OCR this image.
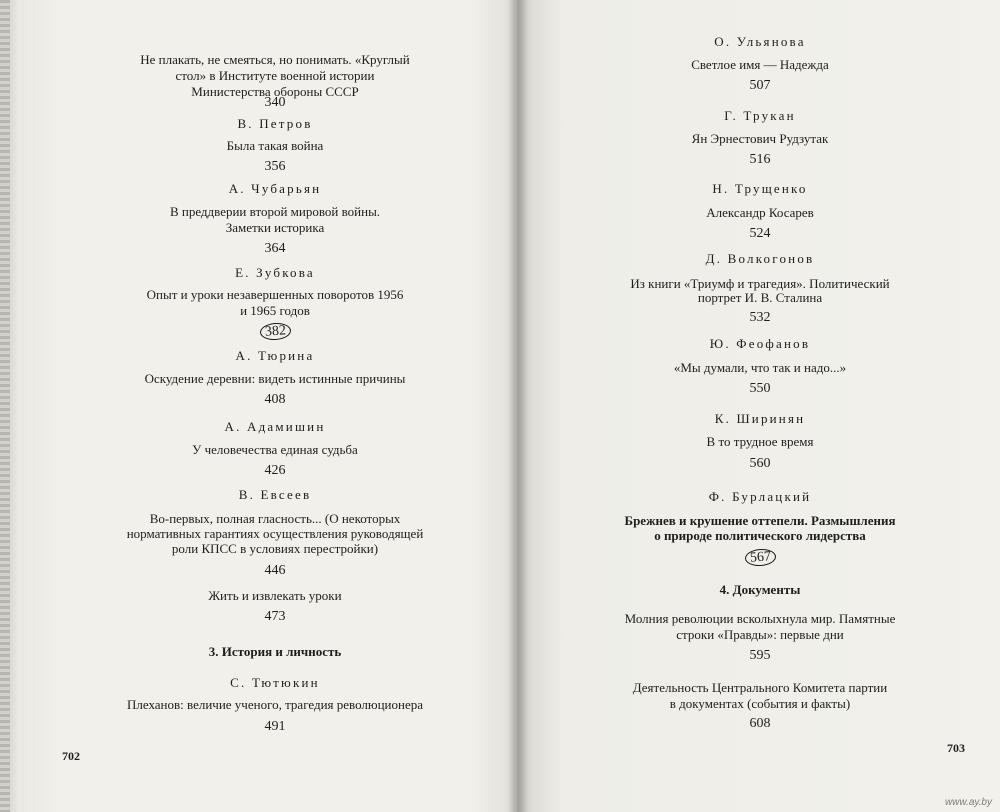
Не плакать, не смеяться, но понимать. «Круглый
стол» в Институте военной истории
Министерства обороны СССР
340
В. Петров
Была такая война
356
А. Чубарьян
В преддверии второй мировой войны.
Заметки историка
364
Е. Зубкова
Опыт и уроки незавершенных поворотов 1956
и 1965 годов
382
А. Тюрина
Оскудение деревни: видеть истинные причины
408
А. Адамишин
У человечества единая судьба
426
В. Евсеев
Во-первых, полная гласность... (О некоторых
нормативных гарантиях осуществления руководящей
роли КПСС в условиях перестройки)
446
Жить и извлекать уроки
473
3. История и личность
С. Тютюкин
Плеханов: величие ученого, трагедия революционера
491
702
О. Ульянова
Светлое имя — Надежда
507
Г. Трукан
Ян Эрнестович Рудзутак
516
Н. Трущенко
Александр Косарев
524
Д. Волкогонов
Из книги «Триумф и трагедия». Политический
портрет И. В. Сталина
532
Ю. Феофанов
«Мы думали, что так и надо...»
550
К. Ширинян
В то трудное время
560
Ф. Бурлацкий
Брежнев и крушение оттепели. Размышления
о природе политического лидерства
567
4. Документы
Молния революции всколыхнула мир. Памятные
строки «Правды»: первые дни
595
Деятельность Центрального Комитета партии
в документах (события и факты)
608
703
www.ay.by
